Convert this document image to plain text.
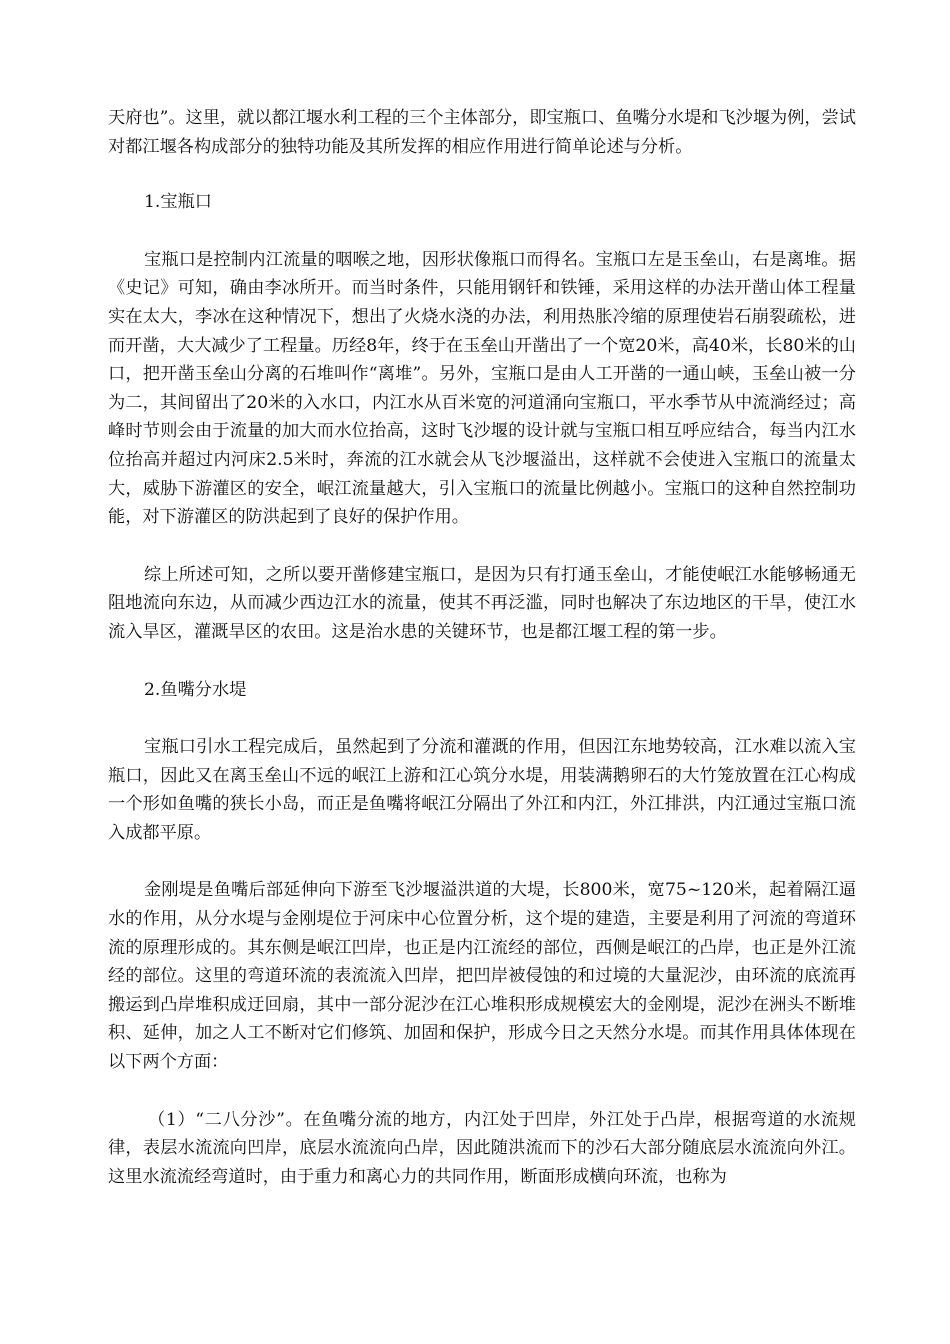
天府也”。这里，就以都江堰水利工程的三个主体部分，即宝瓶口、鱼嘴分水堤和飞沙堰为例，尝试对都江堰各构成部分的独特功能及其所发挥的相应作用进行简单论述与分析。

1.宝瓶口

宝瓶口是控制内江流量的咽喉之地，因形状像瓶口而得名。宝瓶口左是玉垒山，右是离堆。据《史记》可知，确由李冰所开。而当时条件，只能用钢钎和铁锤，采用这样的办法开凿山体工程量实在太大，李冰在这种情况下，想出了火烧水浇的办法，利用热胀冷缩的原理使岩石崩裂疏松，进而开凿，大大减少了工程量。历经8年，终于在玉垒山开凿出了一个宽20米，高40米，长80米的山口，把开凿玉垒山分离的石堆叫作“离堆”。另外，宝瓶口是由人工开凿的一通山峡，玉垒山被一分为二，其间留出了20米的入水口，内江水从百米宽的河道涌向宝瓶口，平水季节从中流淌经过；高峰时节则会由于流量的加大而水位抬高，这时飞沙堰的设计就与宝瓶口相互呼应结合，每当内江水位抬高并超过内河床2.5米时，奔流的江水就会从飞沙堰溢出，这样就不会使进入宝瓶口的流量太大，威胁下游灌区的安全，岷江流量越大，引入宝瓶口的流量比例越小。宝瓶口的这种自然控制功能，对下游灌区的防洪起到了良好的保护作用。

综上所述可知，之所以要开凿修建宝瓶口，是因为只有打通玉垒山，才能使岷江水能够畅通无阻地流向东边，从而减少西边江水的流量，使其不再泛滥，同时也解决了东边地区的干旱，使江水流入旱区，灌溉旱区的农田。这是治水患的关键环节，也是都江堰工程的第一步。

2.鱼嘴分水堤

宝瓶口引水工程完成后，虽然起到了分流和灌溉的作用，但因江东地势较高，江水难以流入宝瓶口，因此又在离玉垒山不远的岷江上游和江心筑分水堤，用装满鹅卵石的大竹笼放置在江心构成一个形如鱼嘴的狭长小岛，而正是鱼嘴将岷江分隔出了外江和内江，外江排洪，内江通过宝瓶口流入成都平原。

金刚堤是鱼嘴后部延伸向下游至飞沙堰溢洪道的大堤，长800米，宽75~120米，起着隔江逼水的作用，从分水堤与金刚堤位于河床中心位置分析，这个堤的建造，主要是利用了河流的弯道环流的原理形成的。其东侧是岷江凹岸，也正是内江流经的部位，西侧是岷江的凸岸，也正是外江流经的部位。这里的弯道环流的表流流入凹岸，把凹岸被侵蚀的和过境的大量泥沙，由环流的底流再搬运到凸岸堆积成迂回扇，其中一部分泥沙在江心堆积形成规模宏大的金刚堤，泥沙在洲头不断堆积、延伸，加之人工不断对它们修筑、加固和保护，形成今日之天然分水堤。而其作用具体体现在以下两个方面：

（1）“二八分沙”。在鱼嘴分流的地方，内江处于凹岸，外江处于凸岸，根据弯道的水流规律，表层水流流向凹岸，底层水流流向凸岸，因此随洪流而下的沙石大部分随底层水流流向外江。这里水流流经弯道时，由于重力和离心力的共同作用，断面形成横向环流，也称为
